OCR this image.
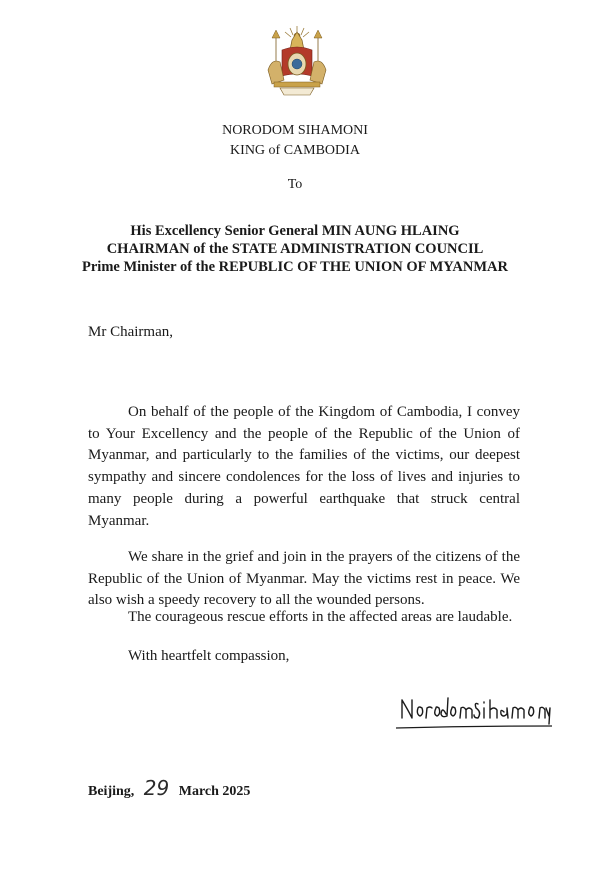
NORODOM SIHAMONI
KING of CAMBODIA
To
His Excellency Senior General MIN AUNG HLAING
CHAIRMAN of the STATE ADMINISTRATION COUNCIL
Prime Minister of the REPUBLIC OF THE UNION OF MYANMAR
Mr Chairman,

On behalf of the people of the Kingdom of Cambodia, I convey to Your Excellency and the people of the Republic of the Union of Myanmar, and particularly to the families of the victims, our deepest sympathy and sincere condolences for the loss of lives and injuries to many people during a powerful earthquake that struck central Myanmar.

We share in the grief and join in the prayers of the citizens of the Republic of the Union of Myanmar. May the victims rest in peace. We also wish a speedy recovery to all the wounded persons.

The courageous rescue efforts in the affected areas are laudable.
With heartfelt compassion,
Beijing, 29 March 2025
